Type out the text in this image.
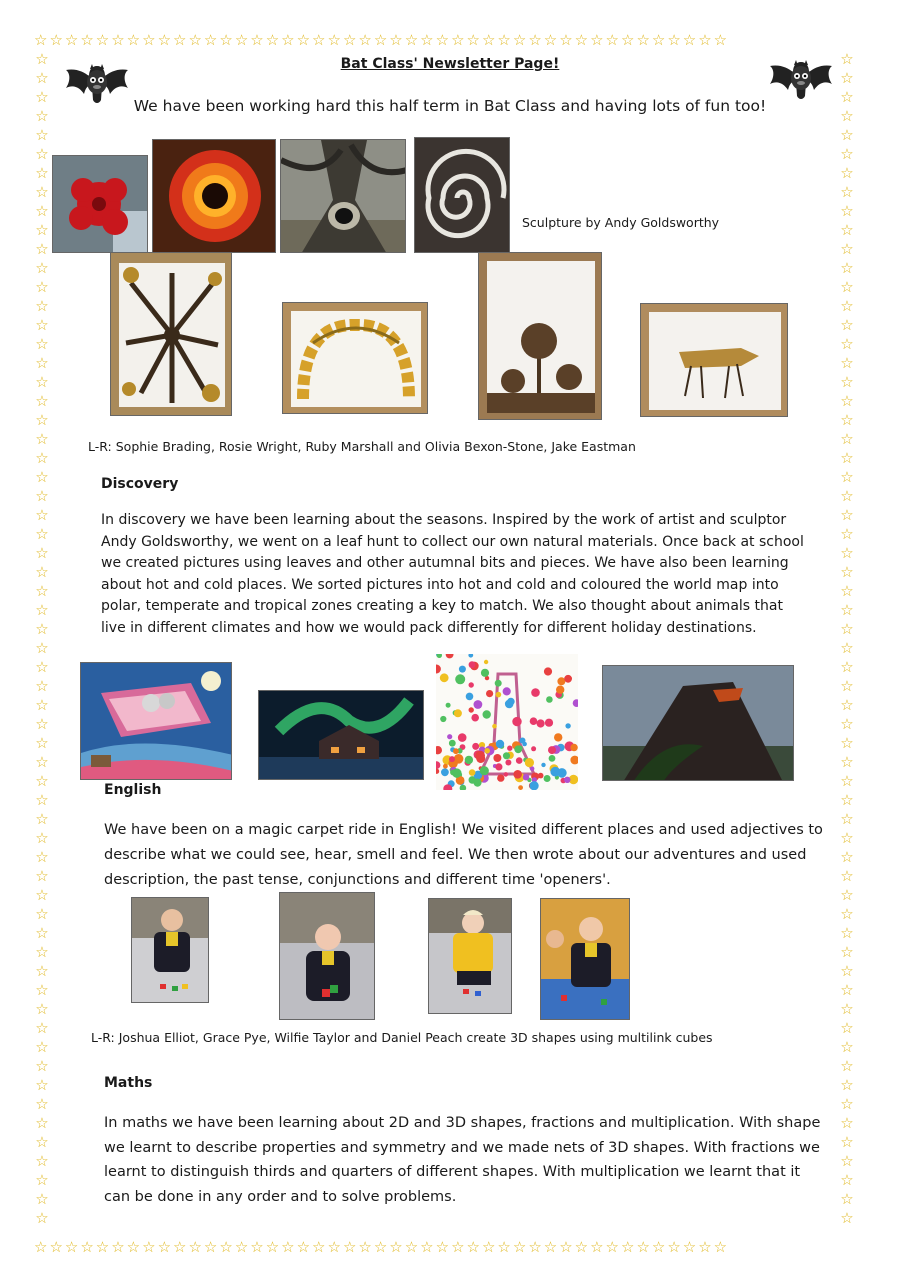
☆☆☆☆☆☆☆☆☆☆☆☆☆☆☆☆☆☆☆☆☆☆☆☆☆☆☆☆☆☆☆☆☆☆☆☆☆☆☆☆☆☆☆☆☆
☆☆☆☆☆☆☆☆☆☆☆☆☆☆☆☆☆☆☆☆☆☆☆☆☆☆☆☆☆☆☆☆☆☆☆☆☆☆☆☆☆☆☆☆☆
☆
☆
☆
☆
☆
☆
☆
☆
☆
☆
☆
☆
☆
☆
☆
☆
☆
☆
☆
☆
☆
☆
☆
☆
☆
☆
☆
☆
☆
☆
☆
☆
☆
☆
☆
☆
☆
☆
☆
☆
☆
☆
☆
☆
☆
☆
☆
☆
☆
☆
☆
☆
☆
☆
☆
☆
☆
☆
☆
☆
☆
☆
☆
☆
☆
☆
☆
☆
☆
☆
☆
☆
☆
☆
☆
☆
☆
☆
☆
☆
☆
☆
☆
☆
☆
☆
☆
☆
☆
☆
☆
☆
☆
☆
☆
☆
☆
☆
☆
☆
☆
☆
☆
☆
☆
☆
☆
☆
☆
☆
☆
☆
☆
☆
☆
☆
☆
☆
☆
☆
☆
☆
☆
☆
Bat Class' Newsletter Page!
We have been working hard this half term in Bat Class and having lots of fun too!
Sculpture by Andy Goldsworthy
L-R: Sophie Brading, Rosie Wright, Ruby Marshall and Olivia Bexon-Stone, Jake Eastman
Discovery
In discovery we have been learning about the seasons. Inspired by the work of artist and sculptor
Andy Goldsworthy, we went on a leaf hunt to collect our own natural materials. Once back at school
we created pictures using leaves and other autumnal bits and pieces. We have also been learning
about hot and cold places. We sorted pictures into hot and cold and coloured the world map into
polar, temperate and tropical zones creating a key to match. We also thought about animals that
live in different climates and how we would pack differently for different holiday destinations.
English
We have been on a magic carpet ride in English! We visited different places and used adjectives to
describe what we could see, hear, smell and feel. We then wrote about our adventures and used
description, the past tense, conjunctions and different time 'openers'.
L-R: Joshua Elliot, Grace Pye, Wilfie Taylor and Daniel Peach create 3D shapes using multilink cubes
Maths
In maths we have been learning about 2D and 3D shapes, fractions and multiplication. With shape
we learnt to describe properties and symmetry and we made nets of 3D shapes. With fractions we
learnt to distinguish thirds and quarters of different shapes. With multiplication we learnt that it
can be done in any order and to solve problems.
